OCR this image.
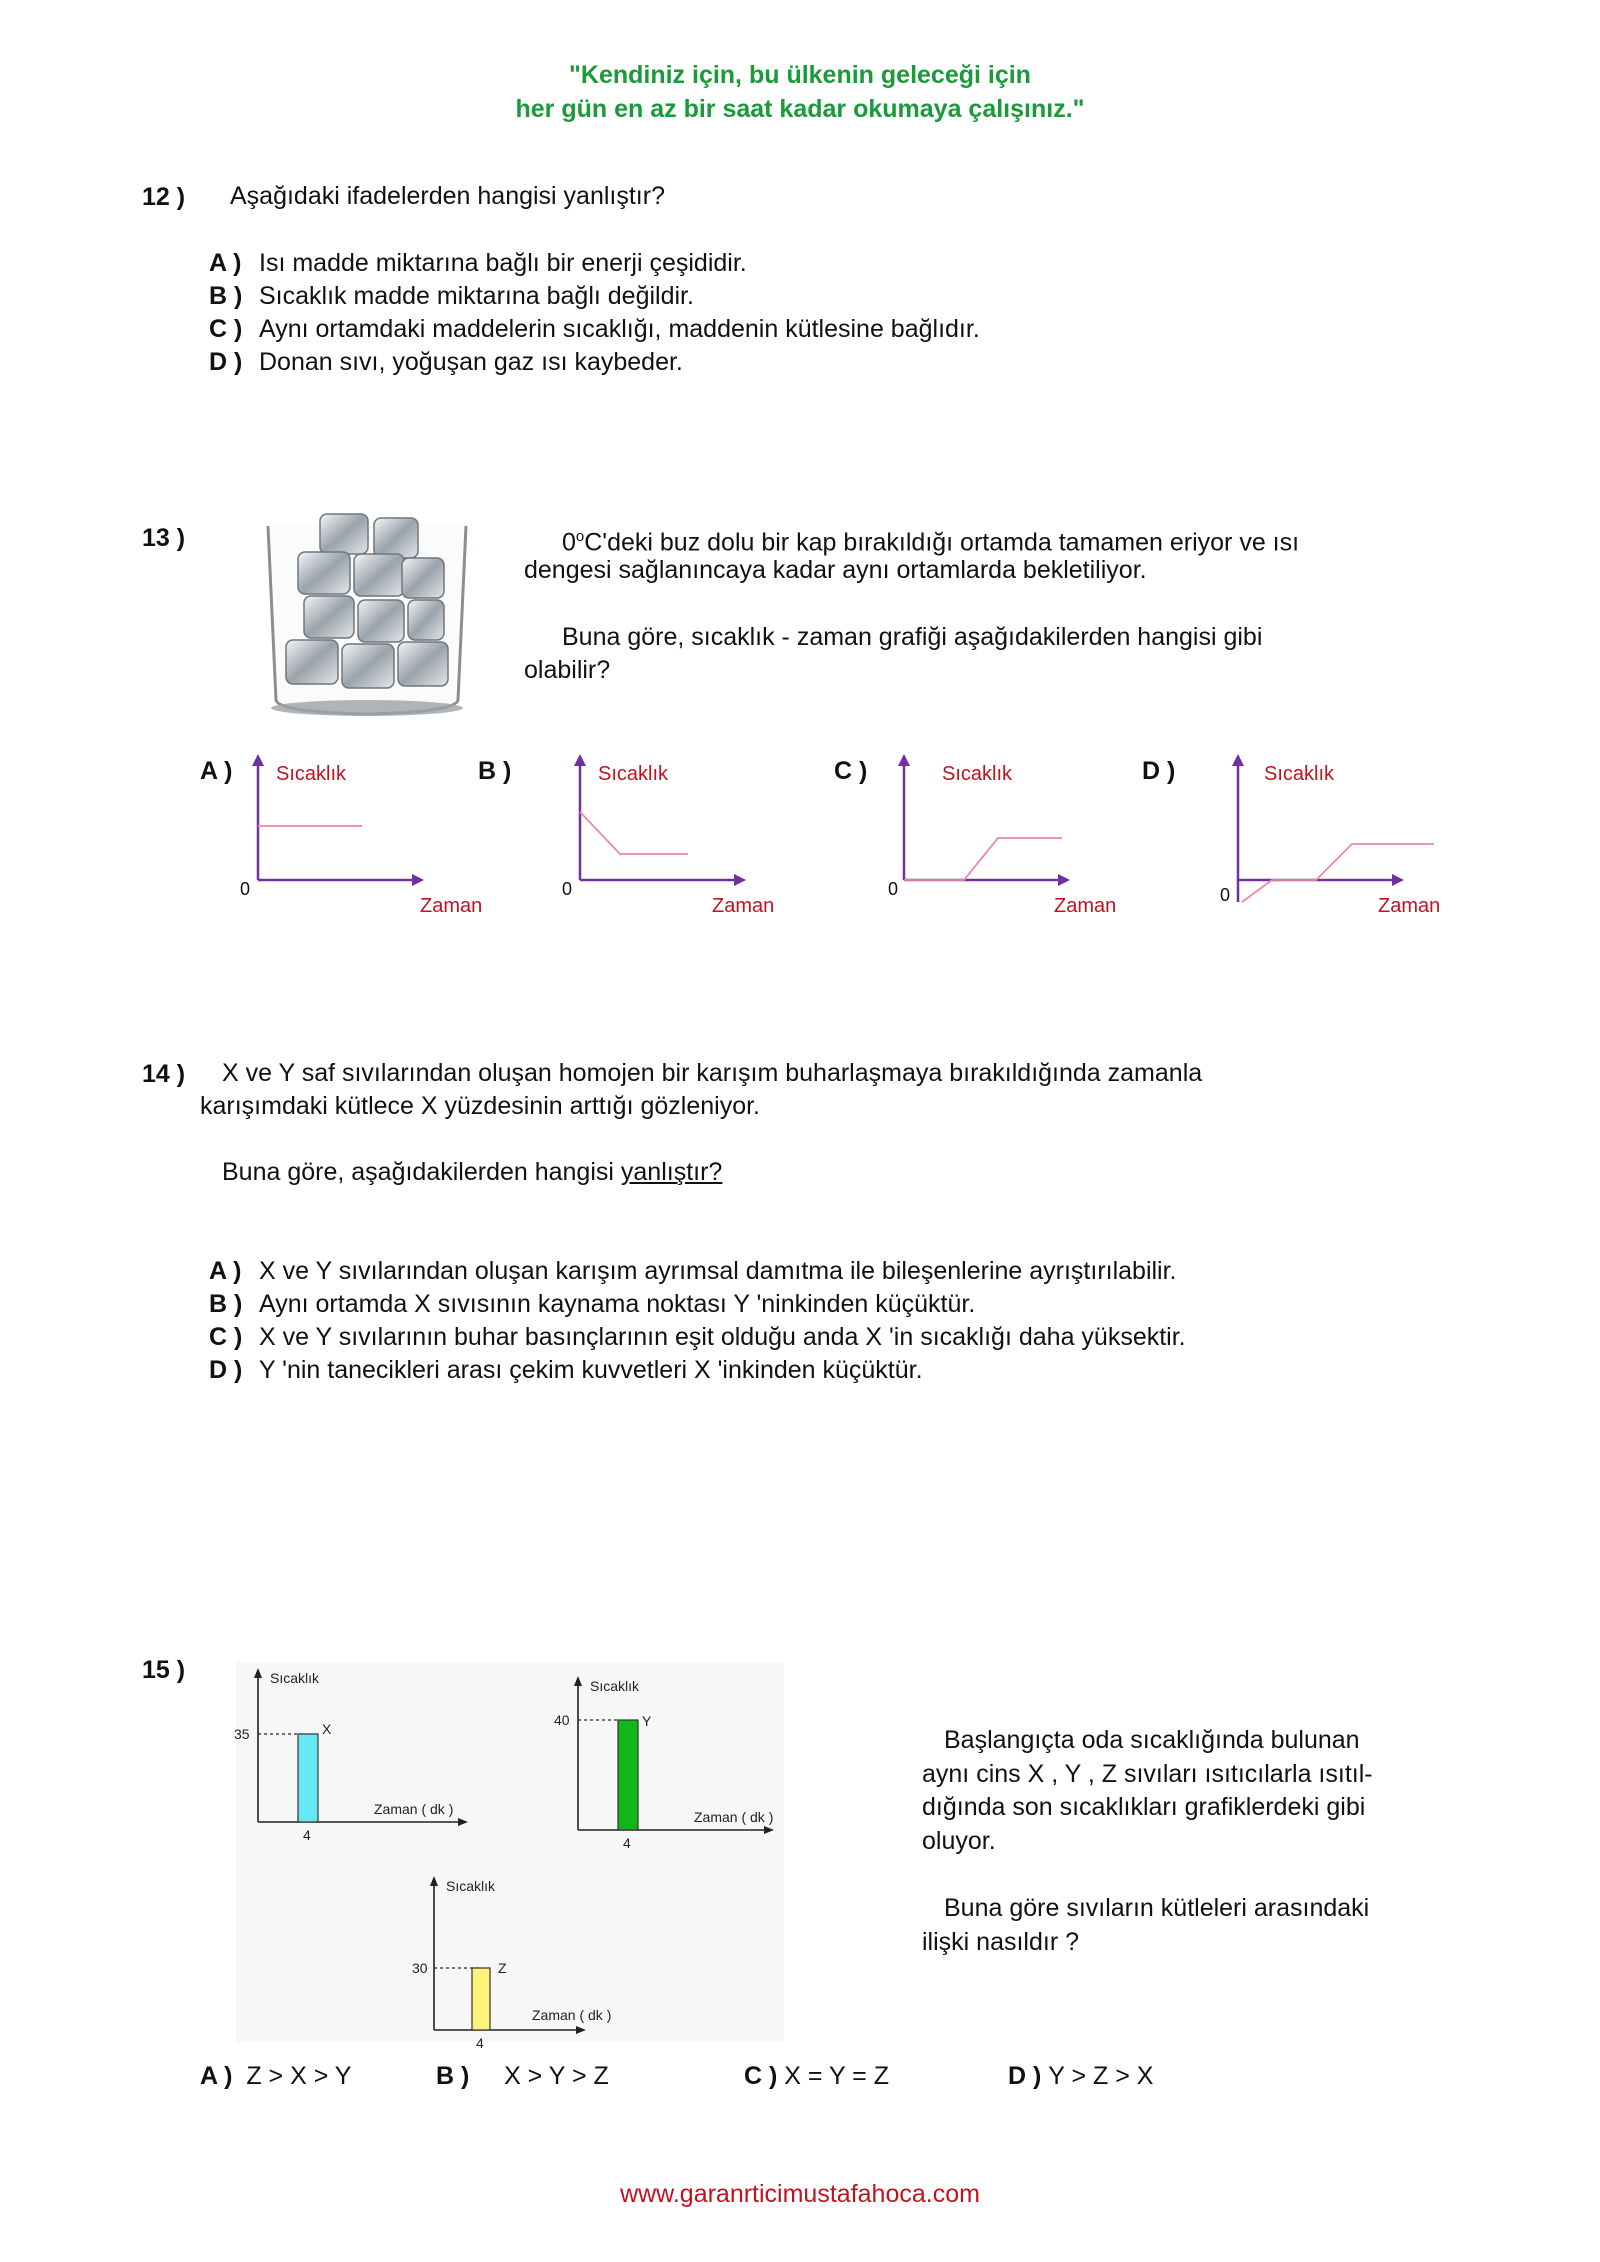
"Kendiniz için, bu ülkenin geleceği için
her gün en az bir saat kadar okumaya çalışınız."
12 ) Aşağıdaki ifadelerden hangisi yanlıştır?
A ) Isı madde miktarına bağlı bir enerji çeşididir.
B ) Sıcaklık madde miktarına bağlı değildir.
C ) Aynı ortamdaki maddelerin sıcaklığı, maddenin kütlesine bağlıdır.
D ) Donan sıvı, yoğuşan gaz ısı kaybeder.
13 )	0$^o$C'deki buz dolu bir kap bırakıldığı ortamda tamamen eriyor ve ısı
dengesi sağlanıncaya kadar aynı ortamlarda bekletiliyor.
Buna göre, sıcaklık - zaman grafiği aşağıdakilerden hangisi gibi
olabilir?
A ) Sıcaklık
0
Zaman
B )	Sıcaklık
0
Zaman
C )	Sıcaklık
0
Zaman
D )	Sıcaklık
0	Zaman
14 ) X ve Y saf sıvılarından oluşan homojen bir karışım buharlaşmaya bırakıldığında zamanla
karışımdaki kütlece X yüzdesinin arttığı gözleniyor.
Buna göre, aşağıdakilerden hangisi yanlıştır?
A ) X ve Y sıvılarından oluşan karışım ayrımsal damıtma ile bileşenlerine ayrıştırılabilir.
B ) Aynı ortamda X sıvısının kaynama noktası Y 'ninkinden küçüktür.
C ) X ve Y sıvılarının buhar basınçlarının eşit olduğu anda X 'in sıcaklığı daha yüksektir.
D ) Y 'nin tanecikleri arası çekim kuvvetleri X 'inkinden küçüktür.
15 )	Sıcaklık
35	X
Zaman ( dk )
4
Sıcaklık
40	Y
Zaman ( dk )
4
Sıcaklık
30	Z
Zaman ( dk )
4
Başlangıçta oda sıcaklığında bulunan
aynı cins X , Y , Z sıvıları ısıtıcılarla ısıtıl-
dığında son sıcaklıkları grafiklerdeki gibi
oluyor.
Buna göre sıvıların kütleleri arasındaki
ilişki nasıldır ?
A ) Z > X > Y	B ) X > Y > Z	C ) X = Y = Z	D ) Y > Z > X
www.garanrticimustafahoca.com
